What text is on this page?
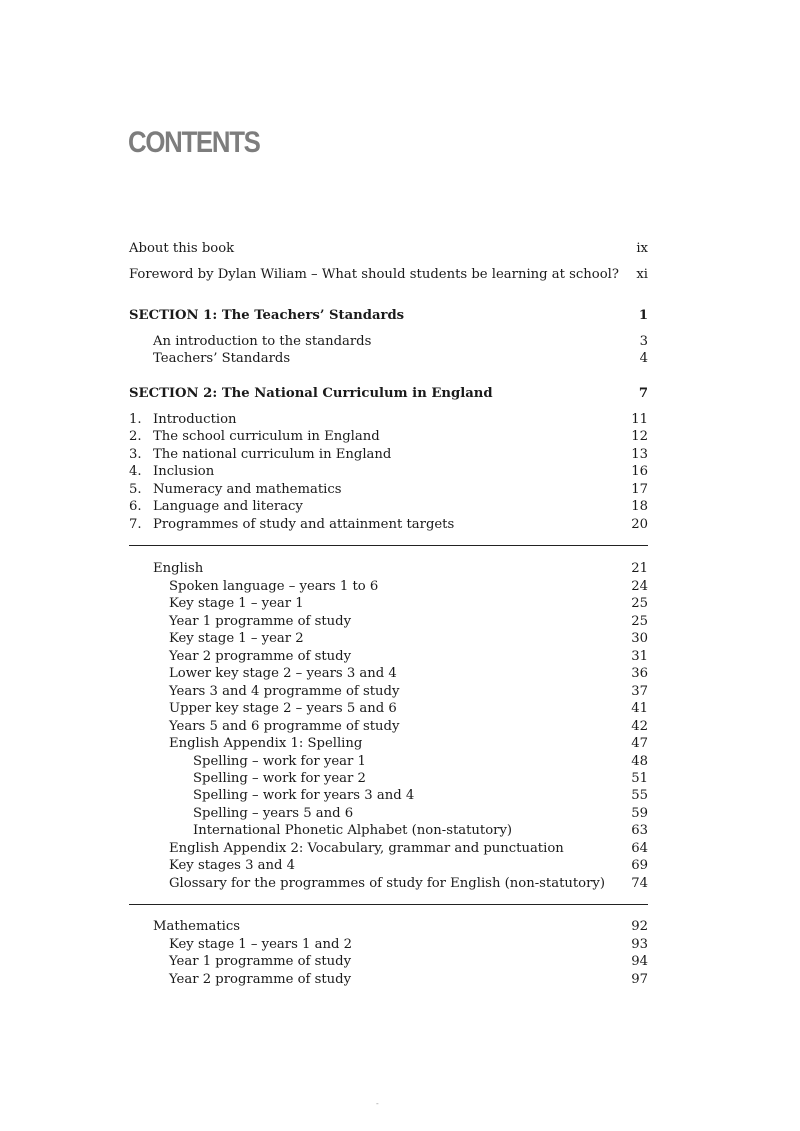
CONTENTS
About this book	ix
Foreword by Dylan Wiliam – What should students be learning at school? xi
SECTION 1: The Teachers’ Standards	1
An introduction to the standards	3
Teachers’ Standards	4
SECTION 2: The National Curriculum in England	7
1. Introduction	11
2. The school curriculum in England	12
3. The national curriculum in England	13
4. Inclusion	16
5. Numeracy and mathematics	17
6. Language and literacy	18
7. Programmes of study and attainment targets	20
English	21
Spoken language – years 1 to 6	24
Key stage 1 – year 1	25
Year 1 programme of study	25
Key stage 1 – year 2	30
Year 2 programme of study	31
Lower key stage 2 – years 3 and 4	36
Years 3 and 4 programme of study	37
Upper key stage 2 – years 5 and 6	41
Years 5 and 6 programme of study	42
English Appendix 1: Spelling	47
Spelling – work for year 1	48
Spelling – work for year 2	51
Spelling – work for years 3 and 4	55
Spelling – years 5 and 6	59
International Phonetic Alphabet (non-statutory)	63
English Appendix 2: Vocabulary, grammar and punctuation	64
Key stages 3 and 4	69
Glossary for the programmes of study for English (non-statutory) 74
Mathematics	92
Key stage 1 – years 1 and 2	93
Year 1 programme of study	94
Year 2 programme of study	97
-
